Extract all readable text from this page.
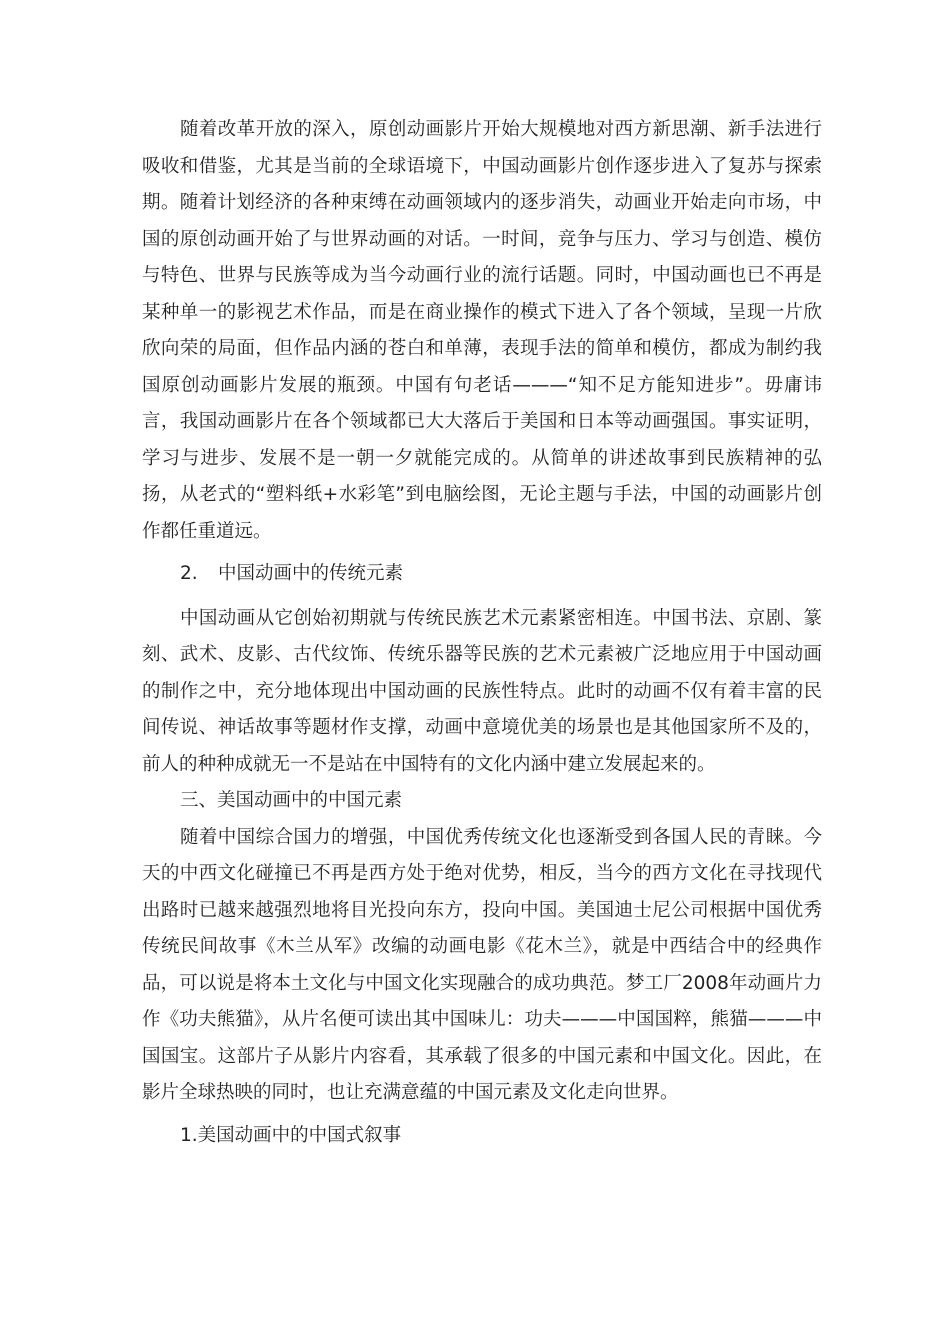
随着改革开放的深入，原创动画影片开始大规模地对西方新思潮、新手法进行吸收和借鉴，尤其是当前的全球语境下，中国动画影片创作逐步进入了复苏与探索期。随着计划经济的各种束缚在动画领域内的逐步消失，动画业开始走向市场，中国的原创动画开始了与世界动画的对话。一时间，竞争与压力、学习与创造、模仿与特色、世界与民族等成为当今动画行业的流行话题。同时，中国动画也已不再是某种单一的影视艺术作品，而是在商业操作的模式下进入了各个领域，呈现一片欣欣向荣的局面，但作品内涵的苍白和单薄，表现手法的简单和模仿，都成为制约我国原创动画影片发展的瓶颈。中国有句老话———“知不足方能知进步”。毋庸讳言，我国动画影片在各个领域都已大大落后于美国和日本等动画强国。事实证明，学习与进步、发展不是一朝一夕就能完成的。从简单的讲述故事到民族精神的弘扬，从老式的“塑料纸+水彩笔”到电脑绘图，无论主题与手法，中国的动画影片创作都任重道远。

2. 中国动画中的传统元素

中国动画从它创始初期就与传统民族艺术元素紧密相连。中国书法、京剧、篆刻、武术、皮影、古代纹饰、传统乐器等民族的艺术元素被广泛地应用于中国动画的制作之中，充分地体现出中国动画的民族性特点。此时的动画不仅有着丰富的民间传说、神话故事等题材作支撑，动画中意境优美的场景也是其他国家所不及的，前人的种种成就无一不是站在中国特有的文化内涵中建立发展起来的。

三、美国动画中的中国元素

随着中国综合国力的增强，中国优秀传统文化也逐渐受到各国人民的青睐。今天的中西文化碰撞已不再是西方处于绝对优势，相反，当今的西方文化在寻找现代出路时已越来越强烈地将目光投向东方，投向中国。美国迪士尼公司根据中国优秀传统民间故事《木兰从军》改编的动画电影《花木兰》，就是中西结合中的经典作品，可以说是将本土文化与中国文化实现融合的成功典范。梦工厂2008年动画片力作《功夫熊猫》，从片名便可读出其中国味儿：功夫———中国国粹，熊猫———中国国宝。这部片子从影片内容看，其承载了很多的中国元素和中国文化。因此，在影片全球热映的同时，也让充满意蕴的中国元素及文化走向世界。

1.美国动画中的中国式叙事
